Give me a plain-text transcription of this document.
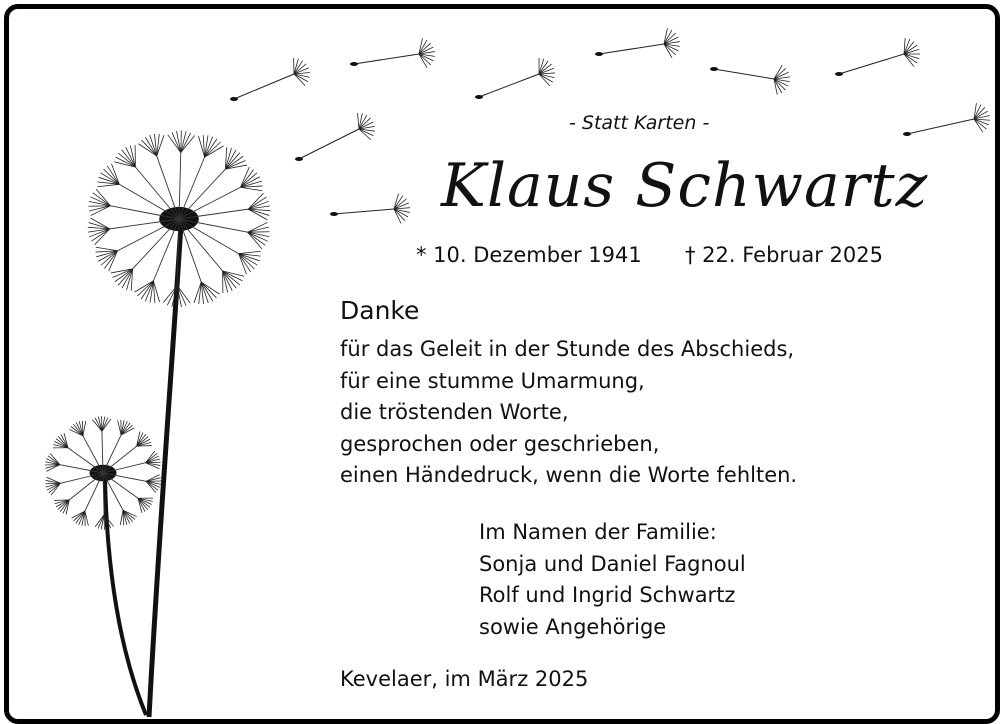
- Statt Karten -
Klaus Schwartz
* 10. Dezember 1941 † 22. Februar 2025
Danke
für das Geleit in der Stunde des Abschieds,
für eine stumme Umarmung,
die tröstenden Worte,
gesprochen oder geschrieben,
einen Händedruck, wenn die Worte fehlten.
Im Namen der Familie:
Sonja und Daniel Fagnoul
Rolf und Ingrid Schwartz
sowie Angehörige
Kevelaer, im März 2025
